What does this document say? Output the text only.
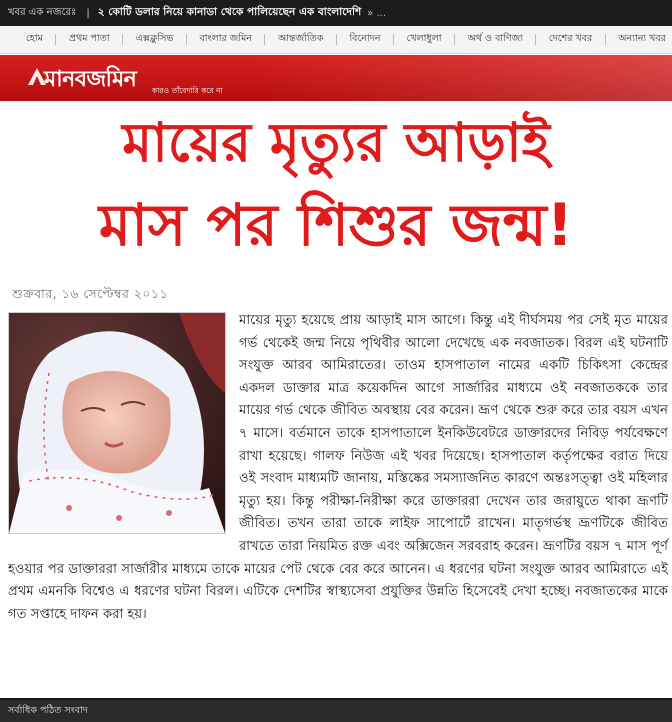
খবর এক নজরেঃ | ২ কোটি ডলার নিয়ে কানাডা থেকে পালিয়েছেন এক বাংলাদেশি » ...
হোম	প্রথম পাতা	এক্সক্লুসিভ	বাংলার জমিন	আন্তর্জাতিক	বিনোদন	খেলাধুলা	অর্থ ও বাণিজ্য	দেশের খবর	অন্যান্য খবর
মানবজমিন কারও তাঁবেদারি করে না
মায়ের মৃত্যুর আড়াই
মাস পর শিশুর জন্ম!
শুক্রবার, ১৬ সেপ্টেম্বর ২০১১
মায়ের মৃত্যু হয়েছে প্রায় আড়াই মাস আগে। কিন্তু এই দীর্ঘসময় পর সেই মৃত মায়ের গর্ভ থেকেই জন্ম নিয়ে পৃথিবীর আলো দেখেছে এক নবজাতক। বিরল এই ঘটনাটি সংযুক্ত আরব আমিরাতের। তাওম হাসপাতাল নামের একটি চিকিৎসা কেন্দ্রের একদল ডাক্তার মাত্র কয়েকদিন আগে সার্জারির মাধ্যমে ওই নবজাতককে তার মায়ের গর্ভ থেকে জীবিত অবস্থায় বের করেন। ভ্রূণ থেকে শুরু করে তার বয়স এখন ৭ মাসে। বর্তমানে তাকে হাসপাতালে ইনকিউবেটরে ডাক্তারদের নিবিড় পর্যবেক্ষণে রাখা হয়েছে। গালফ নিউজ এই খবর দিয়েছে। হাসপাতাল কর্তৃপক্ষের বরাত দিয়ে ওই সংবাদ মাধ্যমটি জানায়, মস্তিষ্কের সমস্যাজনিত কারণে অন্তঃসত্ত্বা ওই মহিলার মৃত্যু হয়। কিন্তু পরীক্ষা-নিরীক্ষা করে ডাক্তাররা দেখেন তার জরায়ুতে থাকা ভ্রূণটি জীবিত। তখন তারা তাকে লাইফ সাপোর্টে রাখেন। মাতৃগর্ভস্থ ভ্রূণটিকে জীবিত রাখতে তারা নিয়মিত রক্ত এবং অক্সিজেন সরবরাহ করেন। ভ্রূণটির বয়স ৭ মাস পূর্ণ হওয়ার পর ডাক্তাররা সার্জারীর মাধ্যমে তাকে মায়ের পেট থেকে বের করে আনেন। এ ধরণের ঘটনা সংযুক্ত আরব আমিরাতে এই প্রথম এমনকি বিশ্বেও এ ধরণের ঘটনা বিরল। এটিকে দেশটির স্বাস্থ্যসেবা প্রযুক্তির উন্নতি হিসেবেই দেখা হচ্ছে। নবজাতকের মাকে গত সপ্তাহে দাফন করা হয়।
সর্বাধিক পঠিত সংবাদ
